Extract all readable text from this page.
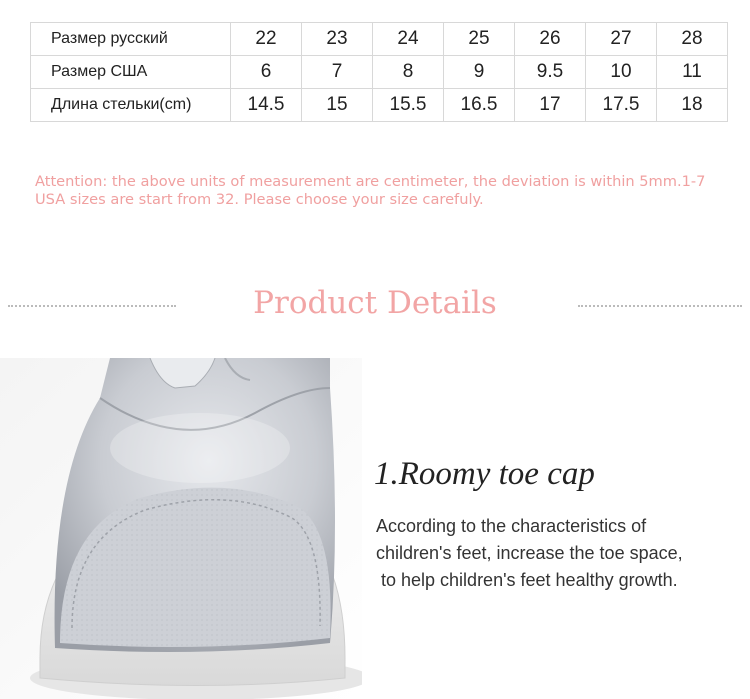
Размер русский	22	23	24	25	26	27	28
Размер США	6	7	8	9	9.5	10	11
Длина стельки(cm)	14.5	15	15.5	16.5	17	17.5	18
Attention: the above units of measurement are centimeter, the deviation is within 5mm.1-7
USA sizes are start from 32. Please choose your size carefuly.
Product Details
1.Roomy toe cap
According to the characteristics of
children's feet, increase the toe space,
to help children's feet healthy growth.
